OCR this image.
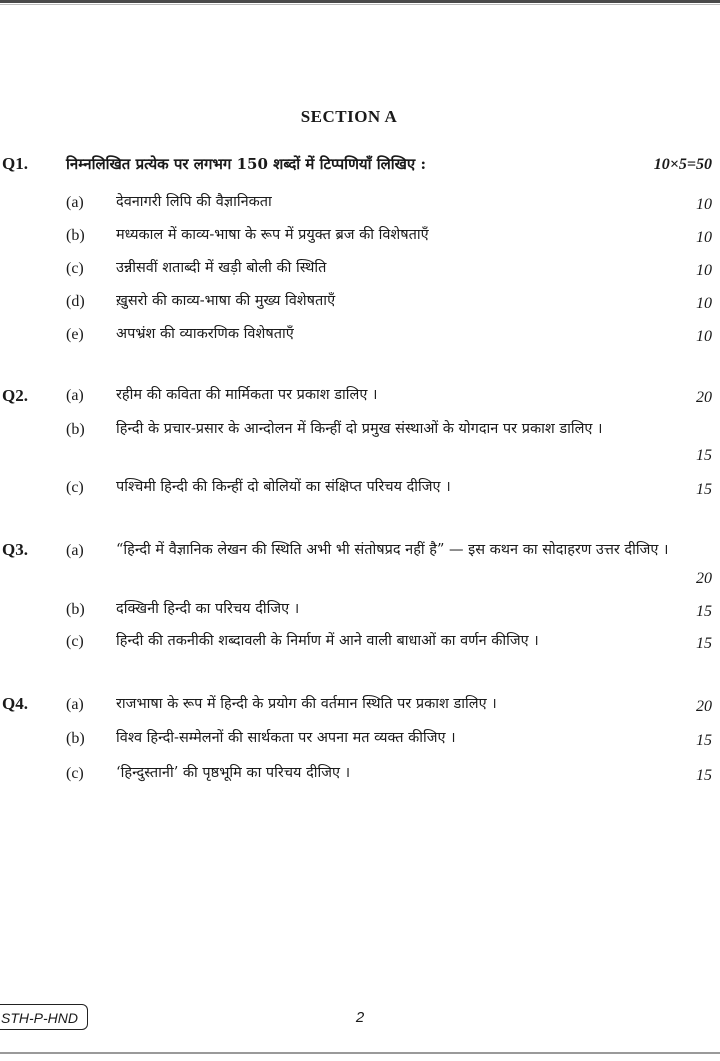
SECTION A
Q1.	निम्नलिखित प्रत्येक पर लगभग 150 शब्दों में टिप्पणियाँ लिखिए :	10×5=50
(a) देवनागरी लिपि की वैज्ञानिकता	10
(b) मध्यकाल में काव्य-भाषा के रूप में प्रयुक्त ब्रज की विशेषताएँ	10
(c) उन्नीसवीं शताब्दी में खड़ी बोली की स्थिति	10
(d) ख़ुसरो की काव्य-भाषा की मुख्य विशेषताएँ	10
(e) अपभ्रंश की व्याकरणिक विशेषताएँ	10
Q2. (a) रहीम की कविता की मार्मिकता पर प्रकाश डालिए ।	20
(b) हिन्दी के प्रचार-प्रसार के आन्दोलन में किन्हीं दो प्रमुख संस्थाओं के योगदान पर प्रकाश डालिए ।
15
(c) पश्चिमी हिन्दी की किन्हीं दो बोलियों का संक्षिप्त परिचय दीजिए ।	15
Q3. (a) “हिन्दी में वैज्ञानिक लेखन की स्थिति अभी भी संतोषप्रद नहीं है” — इस कथन का सोदाहरण उत्तर दीजिए ।
20
(b) दक्खिनी हिन्दी का परिचय दीजिए ।	15
(c) हिन्दी की तकनीकी शब्दावली के निर्माण में आने वाली बाधाओं का वर्णन कीजिए ।	15
Q4. (a) राजभाषा के रूप में हिन्दी के प्रयोग की वर्तमान स्थिति पर प्रकाश डालिए ।	20
(b) विश्व हिन्दी-सम्मेलनों की सार्थकता पर अपना मत व्यक्त कीजिए ।	15
(c) ‘हिन्दुस्तानी’ की पृष्ठभूमि का परिचय दीजिए ।	15
STH-P-HND	2
